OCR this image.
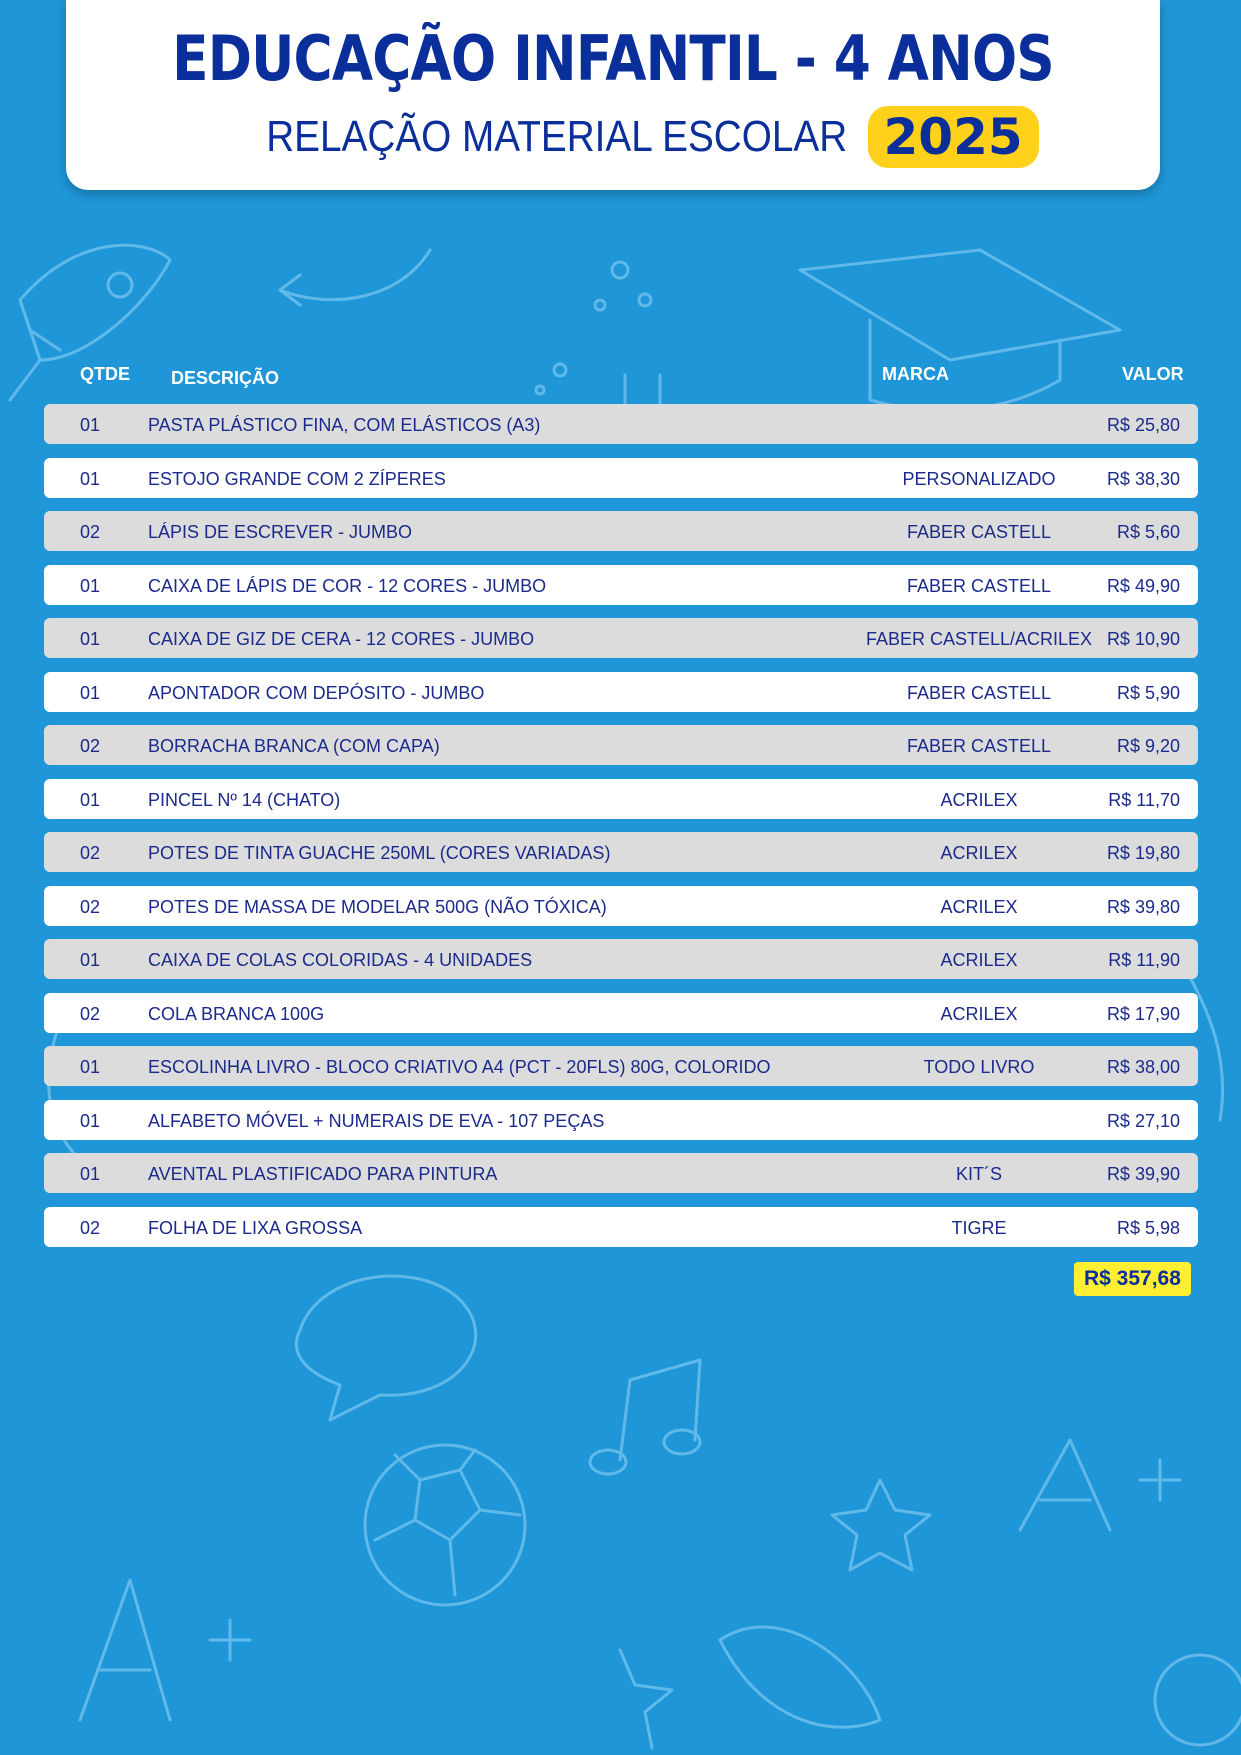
EDUCAÇÃO INFANTIL - 4 ANOS
RELAÇÃO MATERIAL ESCOLAR 2025
QTDE DESCRIÇÃO	MARCA	VALOR
01	PASTA PLÁSTICO FINA, COM ELÁSTICOS (A3)	R$ 25,80
01	ESTOJO GRANDE COM 2 ZÍPERES	PERSONALIZADO	R$ 38,30
02	LÁPIS DE ESCREVER - JUMBO	FABER CASTELL	R$ 5,60
01	CAIXA DE LÁPIS DE COR - 12 CORES - JUMBO	FABER CASTELL	R$ 49,90
01	CAIXA DE GIZ DE CERA - 12 CORES - JUMBO	FABER CASTELL/ACRILEX R$ 10,90
01	APONTADOR COM DEPÓSITO - JUMBO	FABER CASTELL	R$ 5,90
02	BORRACHA BRANCA (COM CAPA)	FABER CASTELL	R$ 9,20
01	PINCEL Nº 14 (CHATO)	ACRILEX	R$ 11,70
02	POTES DE TINTA GUACHE 250ML (CORES VARIADAS)	ACRILEX	R$ 19,80
02	POTES DE MASSA DE MODELAR 500G (NÃO TÓXICA)	ACRILEX	R$ 39,80
01	CAIXA DE COLAS COLORIDAS - 4 UNIDADES	ACRILEX	R$ 11,90
02	COLA BRANCA 100G	ACRILEX	R$ 17,90
01	ESCOLINHA LIVRO - BLOCO CRIATIVO A4 (PCT - 20FLS) 80G, COLORIDO	TODO LIVRO	R$ 38,00
01	ALFABETO MÓVEL + NUMERAIS DE EVA - 107 PEÇAS	R$ 27,10
01	AVENTAL PLASTIFICADO PARA PINTURA	KIT´S	R$ 39,90
02	FOLHA DE LIXA GROSSA	TIGRE	R$ 5,98
R$ 357,68
